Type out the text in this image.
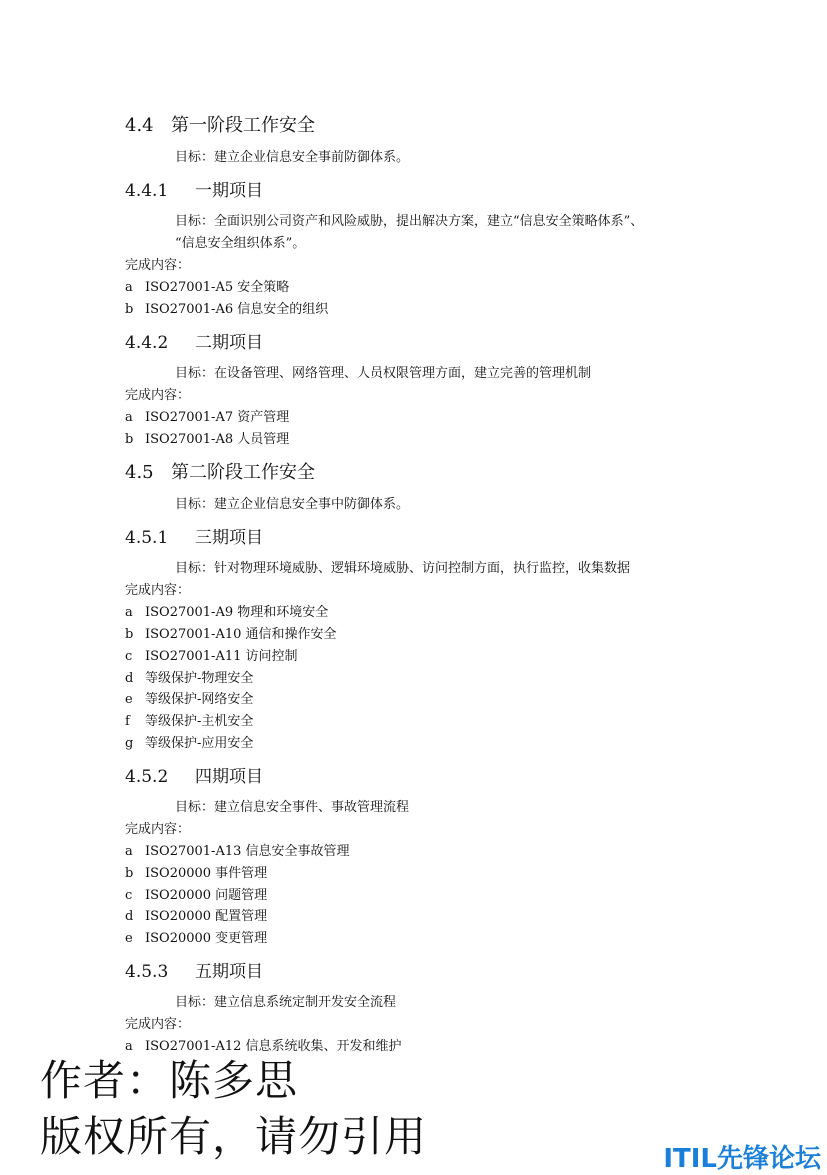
4.4 第一阶段工作安全
目标：建立企业信息安全事前防御体系。
4.4.1 一期项目
目标：全面识别公司资产和风险威胁，提出解决方案，建立“信息安全策略体系”、
“信息安全组织体系”。
完成内容：
a ISO27001-A5 安全策略
b ISO27001-A6 信息安全的组织
4.4.2 二期项目
目标：在设备管理、网络管理、人员权限管理方面，建立完善的管理机制
完成内容：
a ISO27001-A7 资产管理
b ISO27001-A8 人员管理
4.5 第二阶段工作安全
目标：建立企业信息安全事中防御体系。
4.5.1 三期项目
目标：针对物理环境威胁、逻辑环境威胁、访问控制方面，执行监控，收集数据
完成内容：
a ISO27001-A9 物理和环境安全
b ISO27001-A10 通信和操作安全
c ISO27001-A11 访问控制
d 等级保护-物理安全
e 等级保护-网络安全
f 等级保护-主机安全
g 等级保护-应用安全
4.5.2 四期项目
目标：建立信息安全事件、事故管理流程
完成内容：
a ISO27001-A13 信息安全事故管理
b ISO20000 事件管理
c ISO20000 问题管理
d ISO20000 配置管理
e ISO20000 变更管理
4.5.3 五期项目
目标：建立信息系统定制开发安全流程
完成内容：
a ISO27001-A12 信息系统收集、开发和维护
作者：陈多思
版权所有，请勿引用	ITIL先锋论坛
